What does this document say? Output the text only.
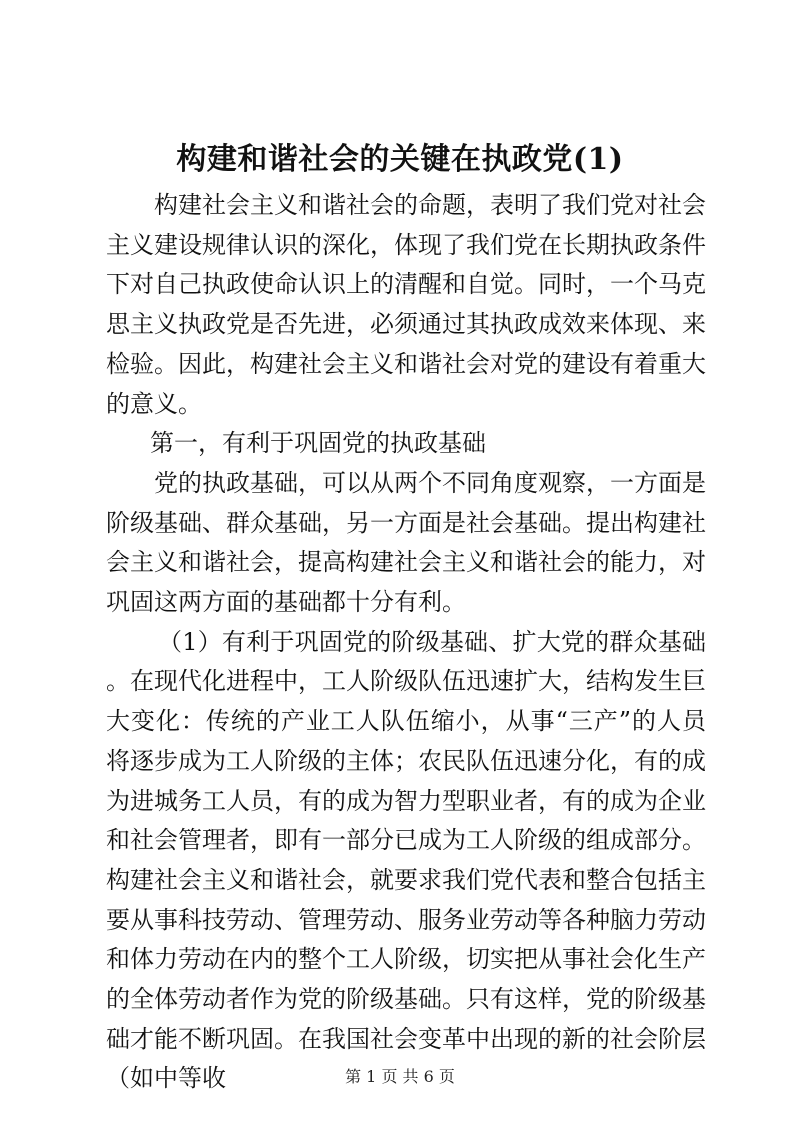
构建和谐社会的关键在执政党(1)

构建社会主义和谐社会的命题，表明了我们党对社会主义建设规律认识的深化，体现了我们党在长期执政条件下对自己执政使命认识上的清醒和自觉。同时，一个马克思主义执政党是否先进，必须通过其执政成效来体现、来检验。因此，构建社会主义和谐社会对党的建设有着重大的意义。

第一，有利于巩固党的执政基础

党的执政基础，可以从两个不同角度观察，一方面是阶级基础、群众基础，另一方面是社会基础。提出构建社会主义和谐社会，提高构建社会主义和谐社会的能力，对巩固这两方面的基础都十分有利。

（1）有利于巩固党的阶级基础、扩大党的群众基础。在现代化进程中，工人阶级队伍迅速扩大，结构发生巨大变化：传统的产业工人队伍缩小，从事“三产”的人员将逐步成为工人阶级的主体；农民队伍迅速分化，有的成为进城务工人员，有的成为智力型职业者，有的成为企业和社会管理者，即有一部分已成为工人阶级的组成部分。构建社会主义和谐社会，就要求我们党代表和整合包括主要从事科技劳动、管理劳动、服务业劳动等各种脑力劳动和体力劳动在内的整个工人阶级，切实把从事社会化生产的全体劳动者作为党的阶级基础。只有这样，党的阶级基础才能不断巩固。在我国社会变革中出现的新的社会阶层（如中等收	第 1 页 共 6 页
